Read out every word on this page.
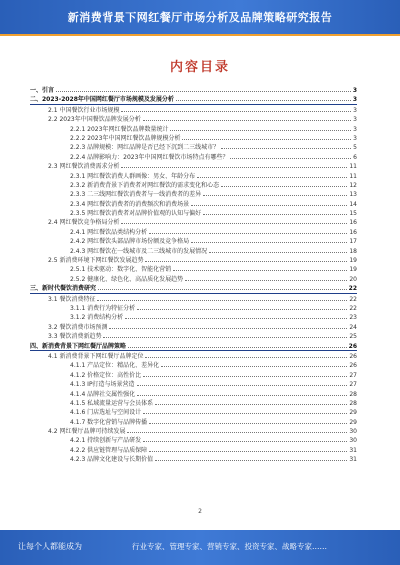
新消费背景下网红餐厅市场分析及品牌策略研究报告
内容目录
一、引言	3
二、2023-2028年中国网红餐厅市场规模及发展分析	3
2.1 中国餐饮行业市场规模	3
2.2 2023年中国餐饮品牌发展分析	3
2.2.1 2023年网红餐饮品牌数量统计	3
2.2.2 2023年中国网红餐饮品牌规模分析	3
2.2.3 品牌规模：网红品牌是否已经下沉到二三线城市？	5
2.2.4 品牌影响力：2023年中国网红餐饮市场特点有哪些？	6
2.3 网红餐饮消费需求分析	11
2.3.1 网红餐饮消费人群画像：男女、年龄分布	11
2.3.2 新消费背景下消费者对网红餐饮的需求变化和心态	12
2.3.3 二三线网红餐饮消费者与一线消费者的差异	13
2.3.4 网红餐饮消费者的消费频次和消费场景	14
2.3.5 网红餐饮消费者对品牌价值观的认知与偏好	15
2.4 网红餐饮竞争格局分析	16
2.4.1 网红餐饮品类结构分析	16
2.4.2 网红餐饮头部品牌市场份额及竞争格局	17
2.4.3 网红餐饮在一线城市及二三线城市的发展情况	18
2.5 新消费环境下网红餐饮发展趋势	19
2.5.1 技术驱动：数字化、智能化营销	19
2.5.2 健康化、绿色化、高品质化发展趋势	20
三、新时代餐饮消费研究	22
3.1 餐饮消费特征	22
3.1.1 消费行为特征分析	22
3.1.2 消费结构分析	23
3.2 餐饮消费市场预测	24
3.3 餐饮消费新趋势	25
四、新消费背景下网红餐厅品牌策略	26
4.1 新消费背景下网红餐厅品牌定位	26
4.1.1 产品定位：精品化、差异化	26
4.1.2 价格定位：高性价比	27
4.1.3 IP打造与场景营造	27
4.1.4 品牌社交属性强化	28
4.1.5 私域流量运营与会员体系	28
4.1.6 门店选址与空间设计	29
4.1.7 数字化营销与品牌传播	29
4.2 网红餐厅品牌可持续发展	30
4.2.1 持续创新与产品研发	30
4.2.2 供应链管理与品质保障	31
4.2.3 品牌文化建设与长期价值	31
2
让每个人都能成为	行业专家、管理专家、营销专家、投资专家、战略专家……
